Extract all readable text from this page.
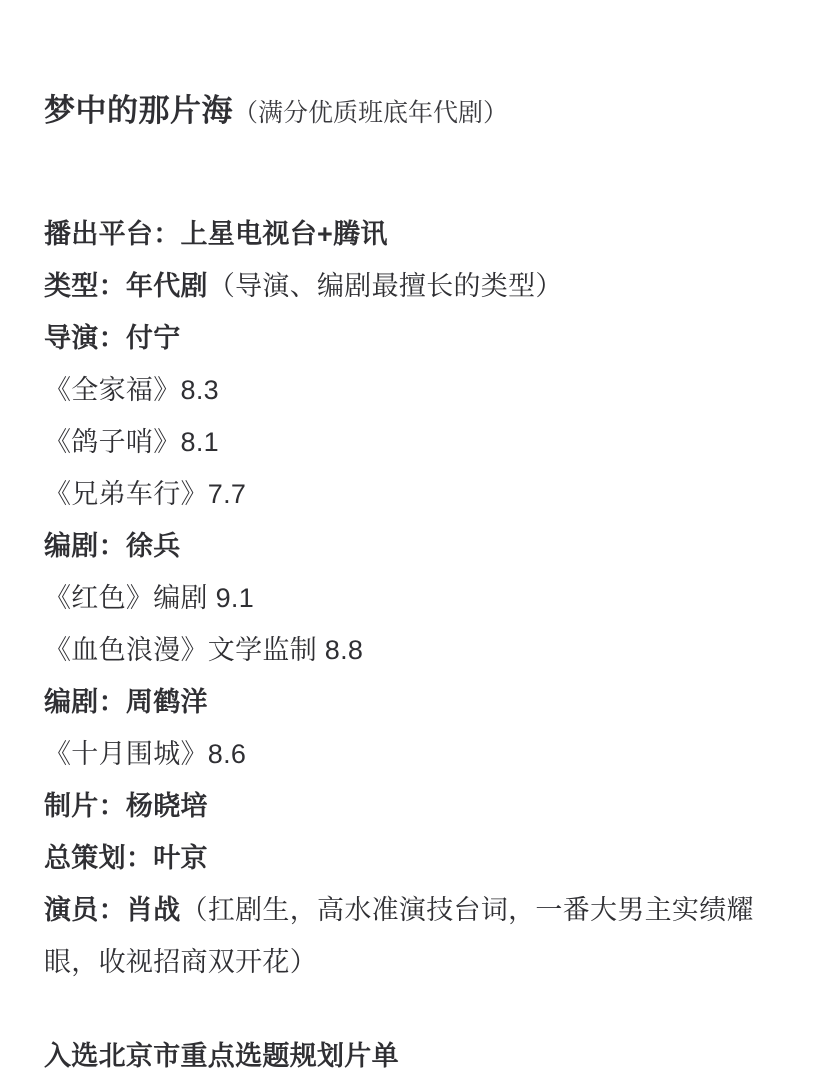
梦中的那片海（满分优质班底年代剧）
播出平台：上星电视台+腾讯
类型：年代剧（导演、编剧最擅长的类型）
导演：付宁
《全家福》8.3
《鸽子哨》8.1
《兄弟车行》7.7
编剧：徐兵
《红色》编剧 9.1
《血色浪漫》文学监制 8.8
编剧：周鹤洋
《十月围城》8.6
制片：杨晓培
总策划：叶京
演员：肖战（扛剧生，高水准演技台词，一番大男主实绩耀眼，收视招商双开花）
入选北京市重点选题规划片单
